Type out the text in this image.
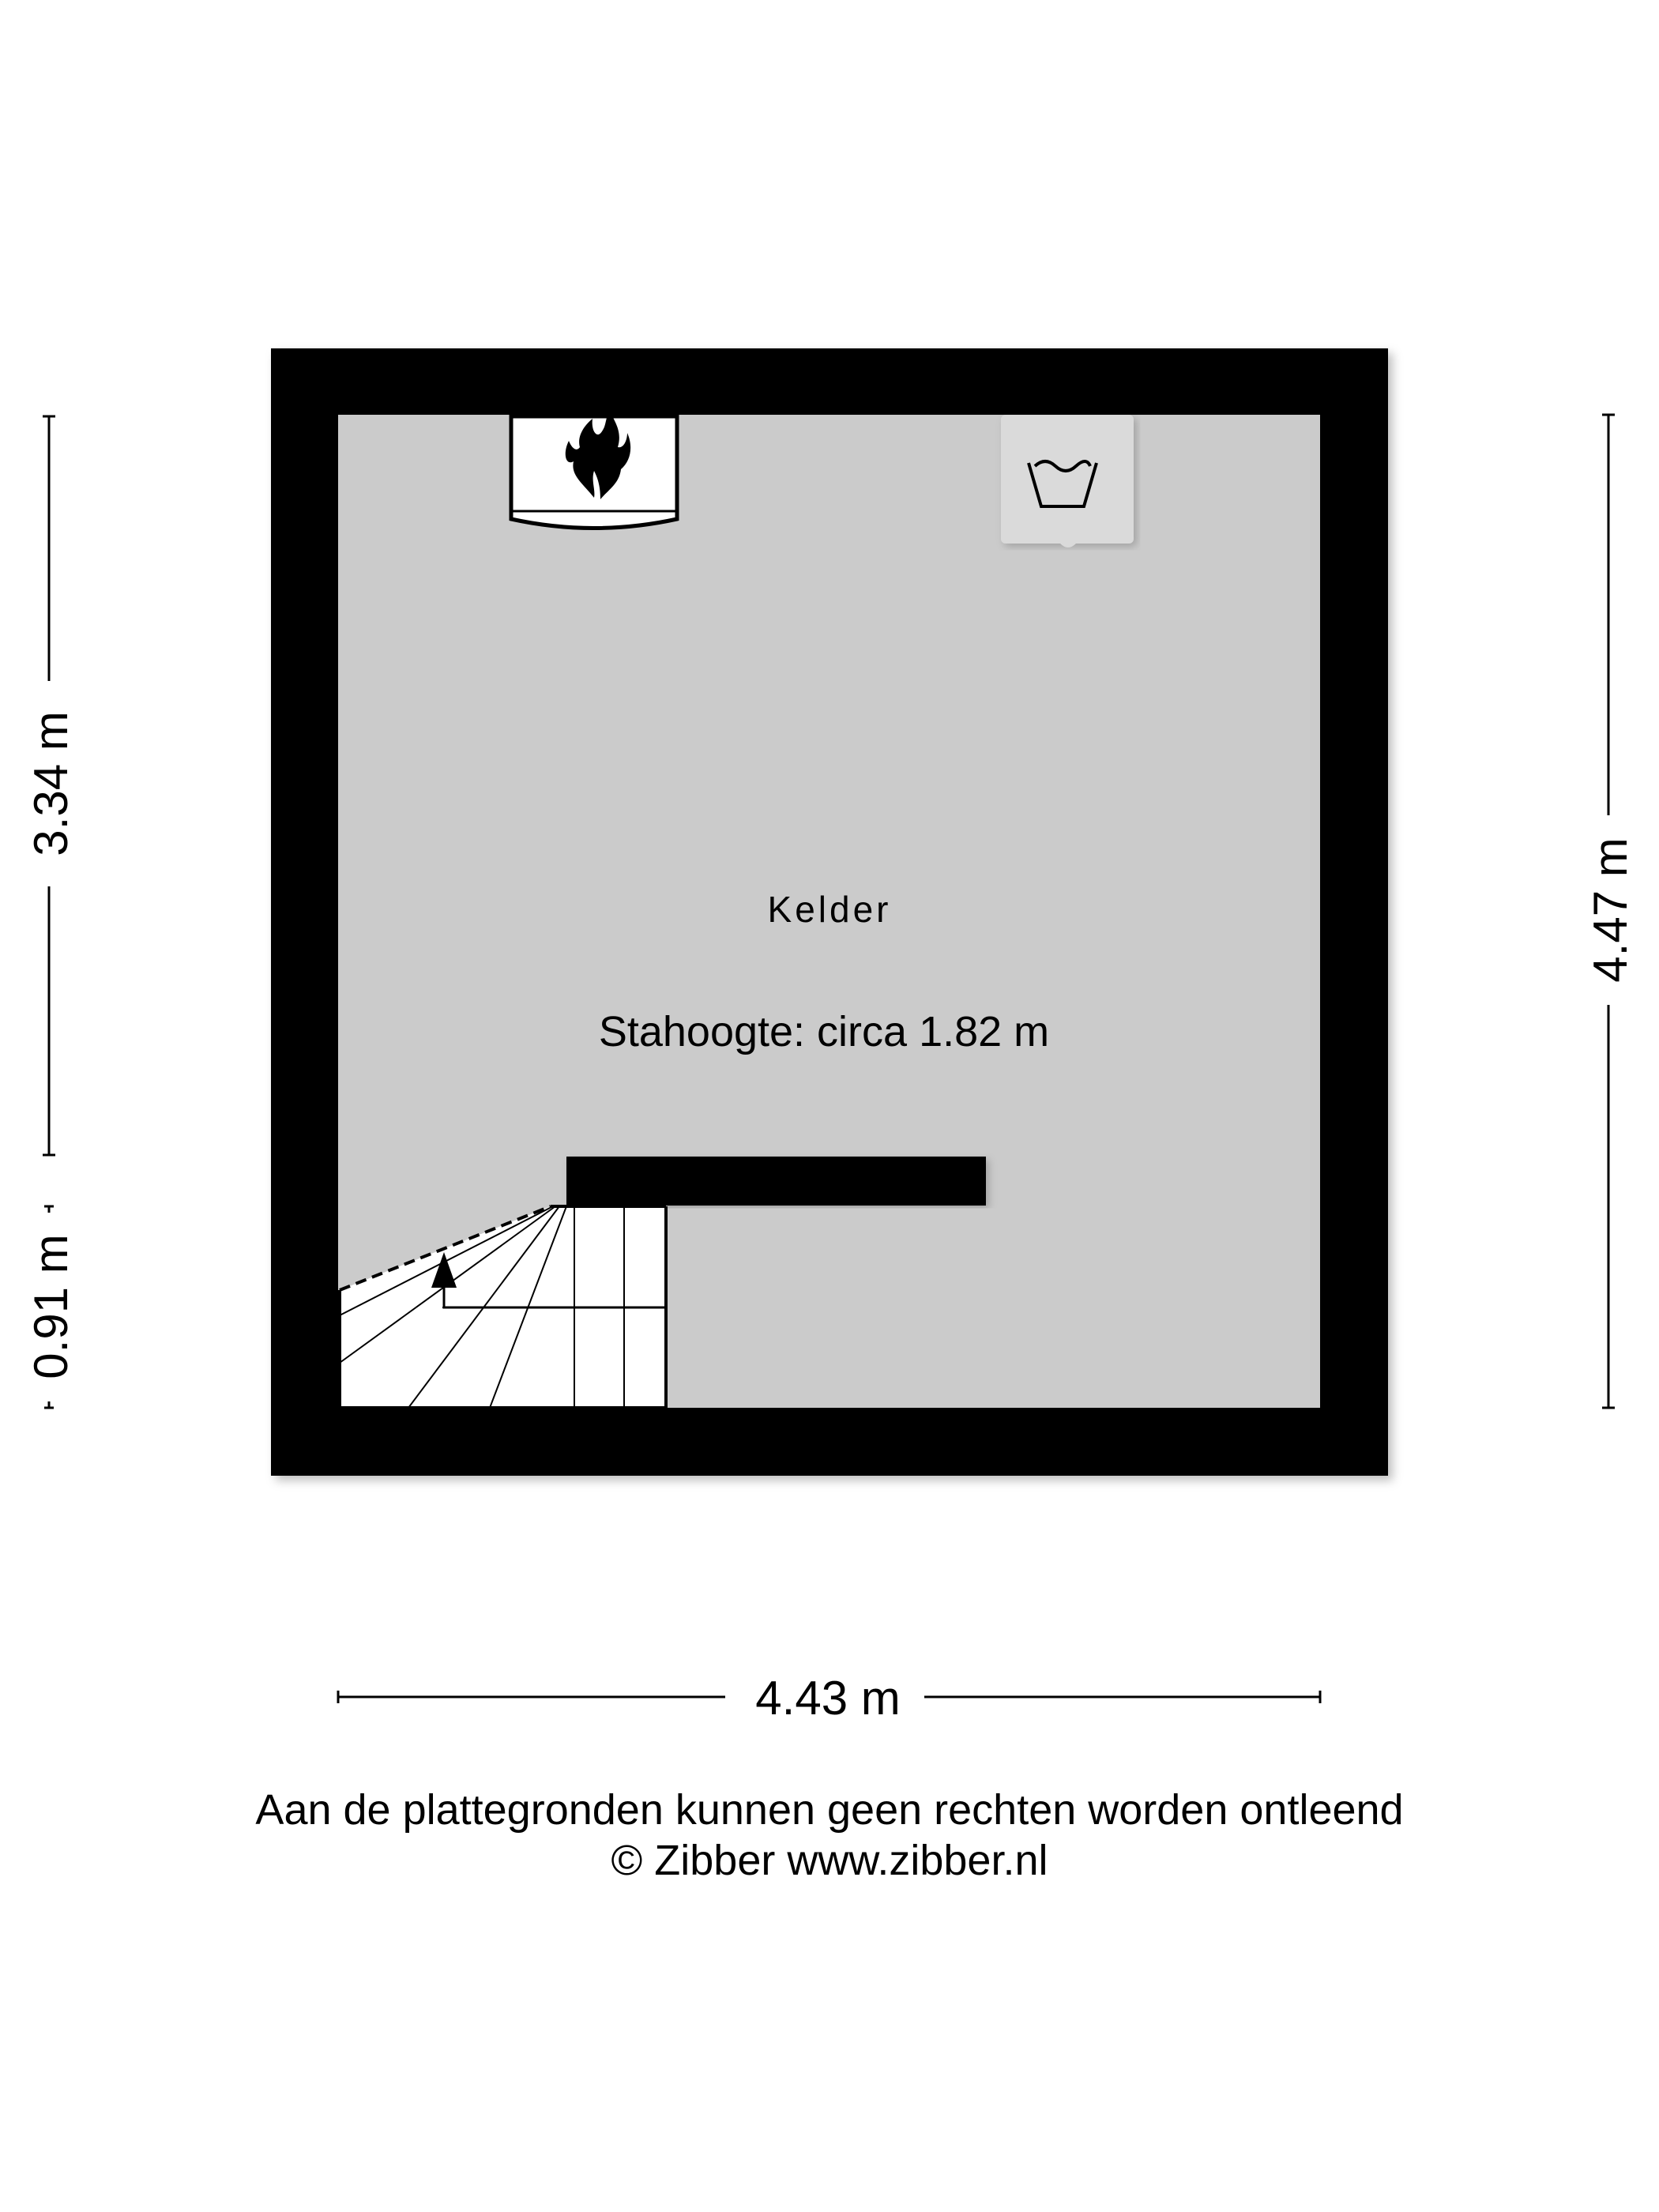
3.34 m
0.91 m
4.47 m
4.43 m
Kelder
Stahoogte: circa 1.82 m
Aan de plattegronden kunnen geen rechten worden ontleend
© Zibber www.zibber.nl
